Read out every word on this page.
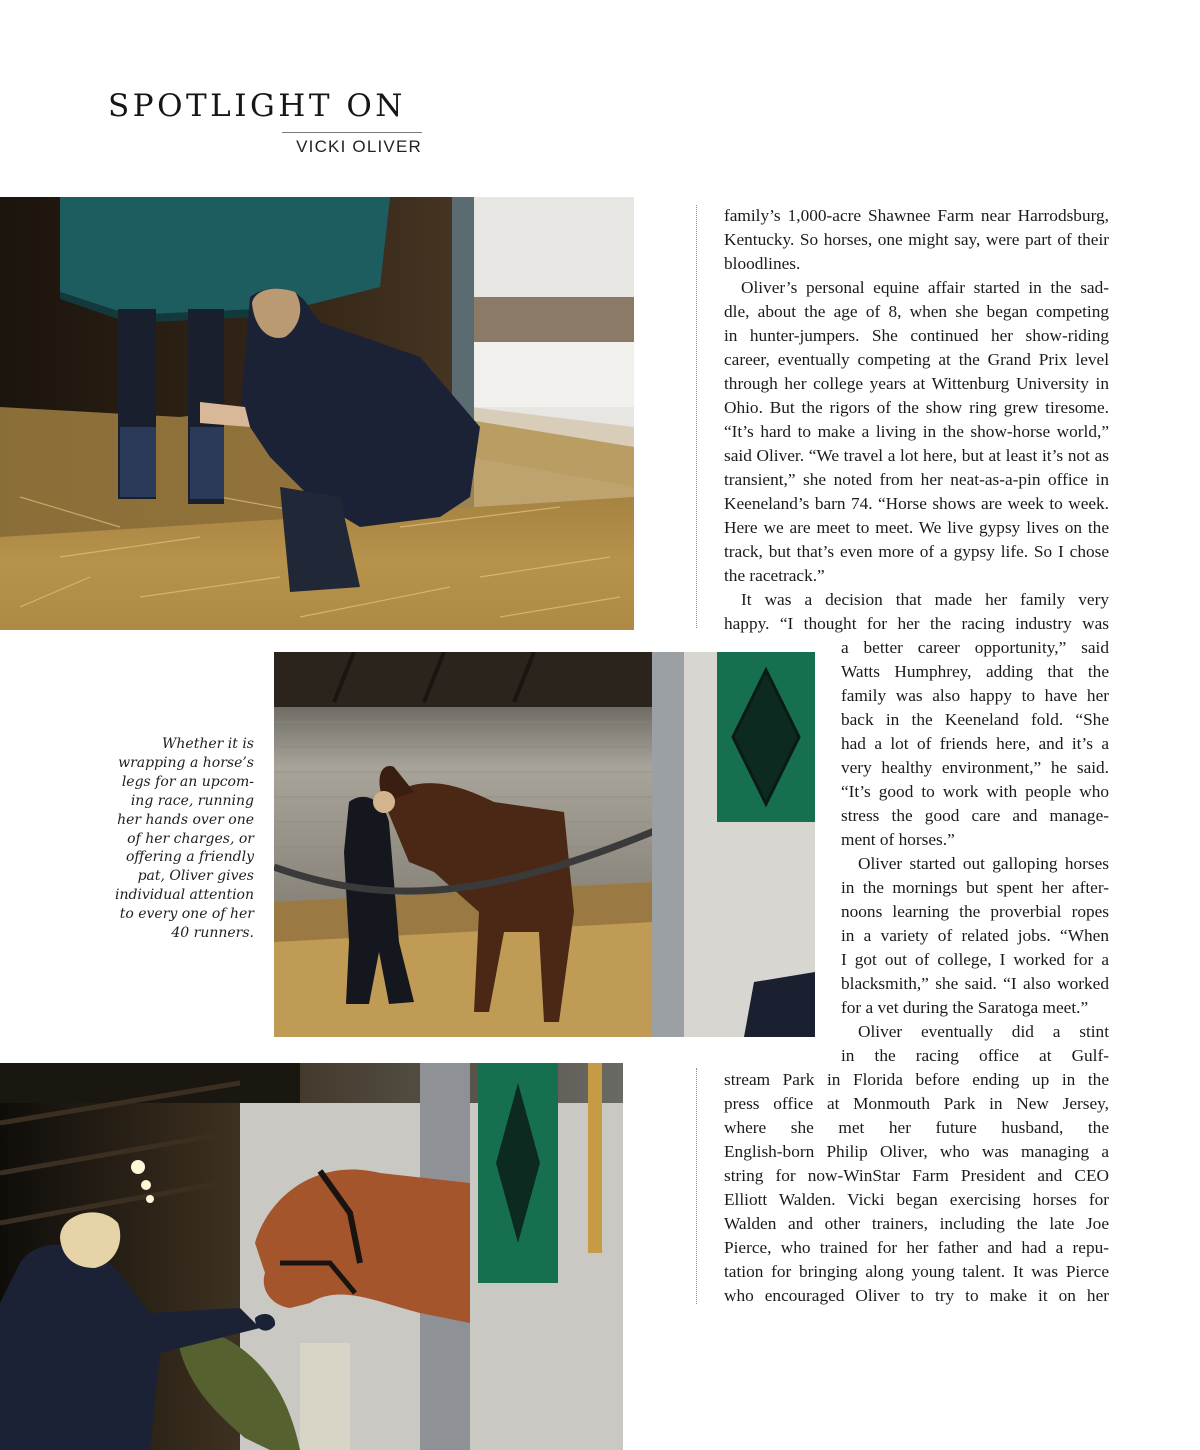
SPOTLIGHT ON
VICKI OLIVER
Whether it is
wrapping a horse’s
legs for an upcom-
ing race, running
her hands over one
of her charges, or
offering a friendly
pat, Oliver gives
individual attention
to every one of her
40 runners.
family’s 1,000-acre Shawnee Farm near Harrodsburg,
Kentucky. So horses, one might say, were part of their
bloodlines.
Oliver’s personal equine affair started in the sad-
dle, about the age of 8, when she began competing
in hunter-jumpers. She continued her show-riding
career, eventually competing at the Grand Prix level
through her college years at Wittenburg University in
Ohio. But the rigors of the show ring grew tiresome.
“It’s hard to make a living in the show-horse world,”
said Oliver. “We travel a lot here, but at least it’s not as
transient,” she noted from her neat-as-a-pin office in
Keeneland’s barn 74. “Horse shows are week to week.
Here we are meet to meet. We live gypsy lives on the
track, but that’s even more of a gypsy life. So I chose
the racetrack.”
It was a decision that made her family very
happy. “I thought for her the racing industry was
a better career opportunity,” said
Watts Humphrey, adding that the
family was also happy to have her
back in the Keeneland fold. “She
had a lot of friends here, and it’s a
very healthy environment,” he said.
“It’s good to work with people who
stress the good care and manage-
ment of horses.”
Oliver started out galloping horses
in the mornings but spent her after-
noons learning the proverbial ropes
in a variety of related jobs. “When
I got out of college, I worked for a
blacksmith,” she said. “I also worked
for a vet during the Saratoga meet.”
Oliver eventually did a stint
in the racing office at Gulf-
stream Park in Florida before ending up in the
press office at Monmouth Park in New Jersey,
where she met her future husband, the
English-born Philip Oliver, who was managing a
string for now-WinStar Farm President and CEO
Elliott Walden. Vicki began exercising horses for
Walden and other trainers, including the late Joe
Pierce, who trained for her father and had a repu-
tation for bringing along young talent. It was Pierce
who encouraged Oliver to try to make it on her
